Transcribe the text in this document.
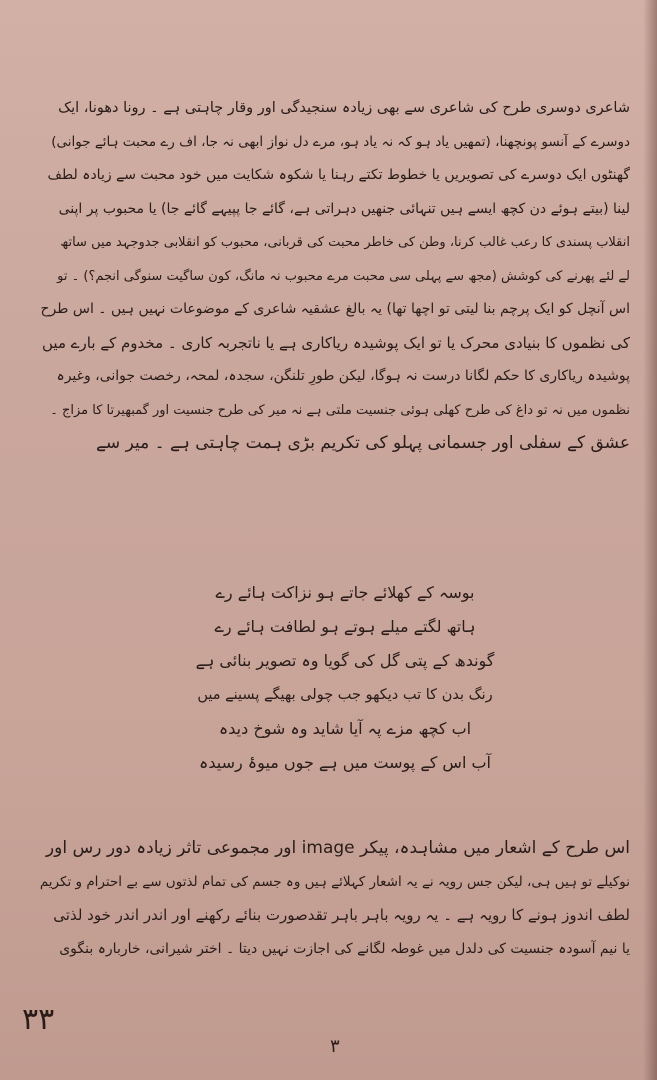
شاعری دوسری طرح کی شاعری سے بھی زیادہ سنجیدگی اور وقار چاہتی ہے ۔ رونا دھونا، ایک
دوسرے کے آنسو پونچھنا، (تمھیں یاد ہو کہ نہ یاد ہو، مرے دل نواز ابھی نہ جا، اف رے محبت ہائے جوانی)
گھنٹوں ایک دوسرے کی تصویریں یا خطوط تکتے رہنا یا شکوہ شکایت میں خود محبت سے زیادہ لطف
لینا (بیتے ہوئے دن کچھ ایسے ہیں تنہائی جنھیں دہراتی ہے، گائے جا پپیہے گائے جا) یا محبوب پر اپنی
انقلاب پسندی کا رعب غالب کرنا، وطن کی خاطر محبت کی قربانی، محبوب کو انقلابی جدوجہد میں ساتھ
لے لئے پھرنے کی کوشش (مجھ سے پہلی سی محبت مرے محبوب نہ مانگ، کون ساگیت سنوگی انجم؟) ۔ تو
اس آنچل کو ایک پرچم بنا لیتی تو اچھا تھا) یہ بالغ عشقیہ شاعری کے موضوعات نہیں ہیں ۔ اس طرح
کی نظموں کا بنیادی محرک یا تو ایک پوشیدہ ریاکاری ہے یا ناتجربہ کاری ۔ مخدوم کے بارے میں
پوشیدہ ریاکاری کا حکم لگانا درست نہ ہوگا، لیکن طورِ تلنگن، سجدہ، لمحہ، رخصت جوانی، وغیرہ
نظموں میں نہ تو داغ کی طرح کھلی ہوئی جنسیت ملتی ہے نہ میر کی طرح جنسیت اور گمبھیرتا کا مزاج ۔
عشق کے سفلی اور جسمانی پہلو کی تکریم بڑی ہمت چاہتی ہے ۔ میر سے
بوسہ کے کھلائے جاتے ہو نزاکت ہائے رے
ہاتھ لگتے میلے ہوتے ہو لطافت ہائے رے
گوندھ کے پتی گل کی گویا وہ تصویر بنائی ہے
رنگ بدن کا تب دیکھو جب چولی بھیگے پسینے میں
اب کچھ مزے پہ آیا شاید وہ شوخ دیدہ
آب اس کے پوست میں ہے جوں میوۂ رسیدہ
اس طرح کے اشعار میں مشاہدہ، پیکر image اور مجموعی تاثر زیادہ دور رس اور
نوکیلے تو ہیں ہی، لیکن جس رویہ نے یہ اشعار کہلائے ہیں وہ جسم کی تمام لذتوں سے بے احترام و تکریم
لطف اندوز ہونے کا رویہ ہے ۔ یہ رویہ باہر باہر تقدصورت بنائے رکھنے اور اندر اندر خود لذتی
یا نیم آسودہ جنسیت کی دلدل میں غوطہ لگانے کی اجازت نہیں دیتا ۔ اختر شیرانی، خاربارہ بنگوی
۳۳
۳
